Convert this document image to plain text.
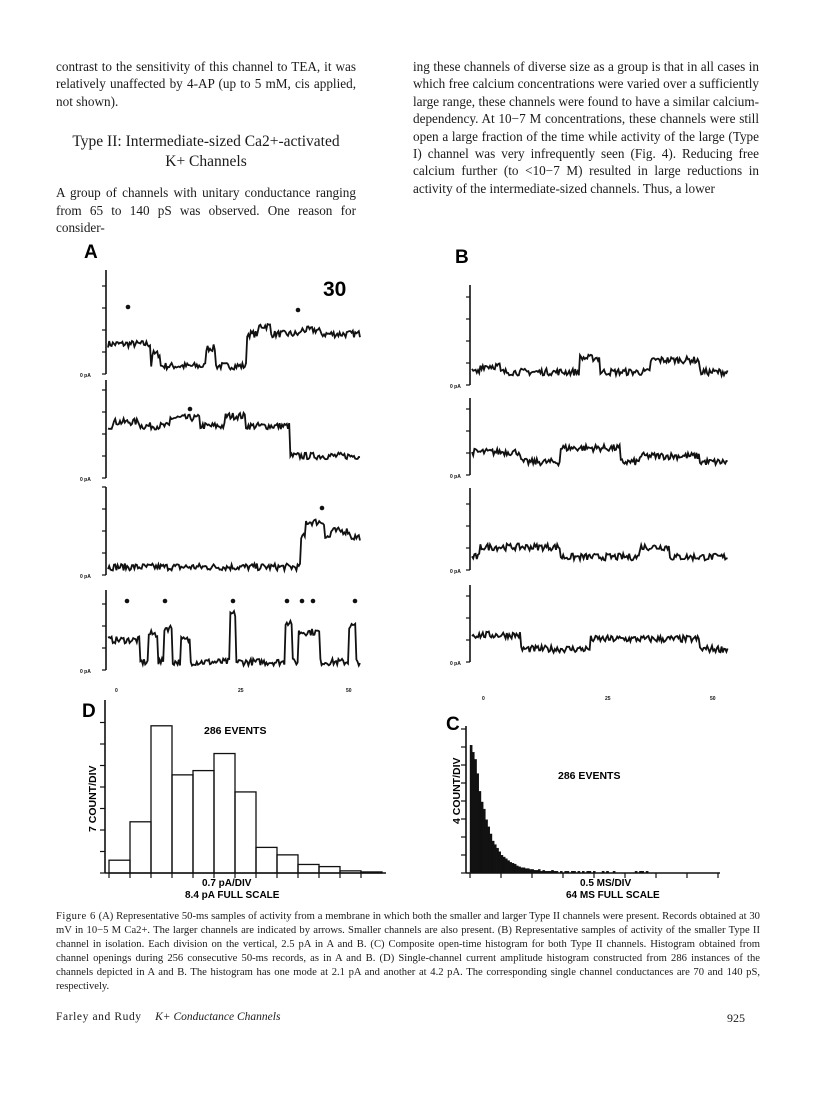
contrast to the sensitivity of this channel to TEA, it was relatively unaffected by 4-AP (up to 5 mM, cis applied, not shown).

Type II: Intermediate-sized Ca2+-activated
K+ Channels

A group of channels with unitary conductance ranging from 65 to 140 pS was observed. One reason for consider-

ing these channels of diverse size as a group is that in all cases in which free calcium concentrations were varied over a sufficiently large range, these channels were found to have a similar calcium-dependency. At 10−7 M concentrations, these channels were still open a large fraction of the time while activity of the large (Type I) channel was very infrequently seen (Fig. 4). Reducing free calcium further (to <10−7 M) resulted in large reductions in activity of the intermediate-sized channels. Thus, a lower

A	B
D
C
30
0 pA
0 pA
0 pA
0 pA
0	25	50
0 pA
0 pA
0 pA
0 pA
0	25	50
286 EVENTS
7 COUNT/DIV
0.7 pA/DIV
8.4 pA FULL SCALE
286 EVENTS
4 COUNT/DIV
0.5 MS/DIV
64 MS FULL SCALE
Figure 6 (A) Representative 50-ms samples of activity from a membrane in which both the smaller and larger Type II channels were present. Records obtained at 30 mV in 10−5 M Ca2+. The larger channels are indicated by arrows. Smaller channels are also present. (B) Representative samples of activity of the smaller Type II channel in isolation. Each division on the vertical, 2.5 pA in A and B. (C) Composite open-time histogram for both Type II channels. Histogram obtained from channel openings during 256 consecutive 50-ms records, as in A and B. (D) Single-channel current amplitude histogram constructed from 286 instances of the channels depicted in A and B. The histogram has one mode at 2.1 pA and another at 4.2 pA. The corresponding single channel conductances are 70 and 140 pS, respectively.
Farley and Rudy K+ Conductance Channels	925
